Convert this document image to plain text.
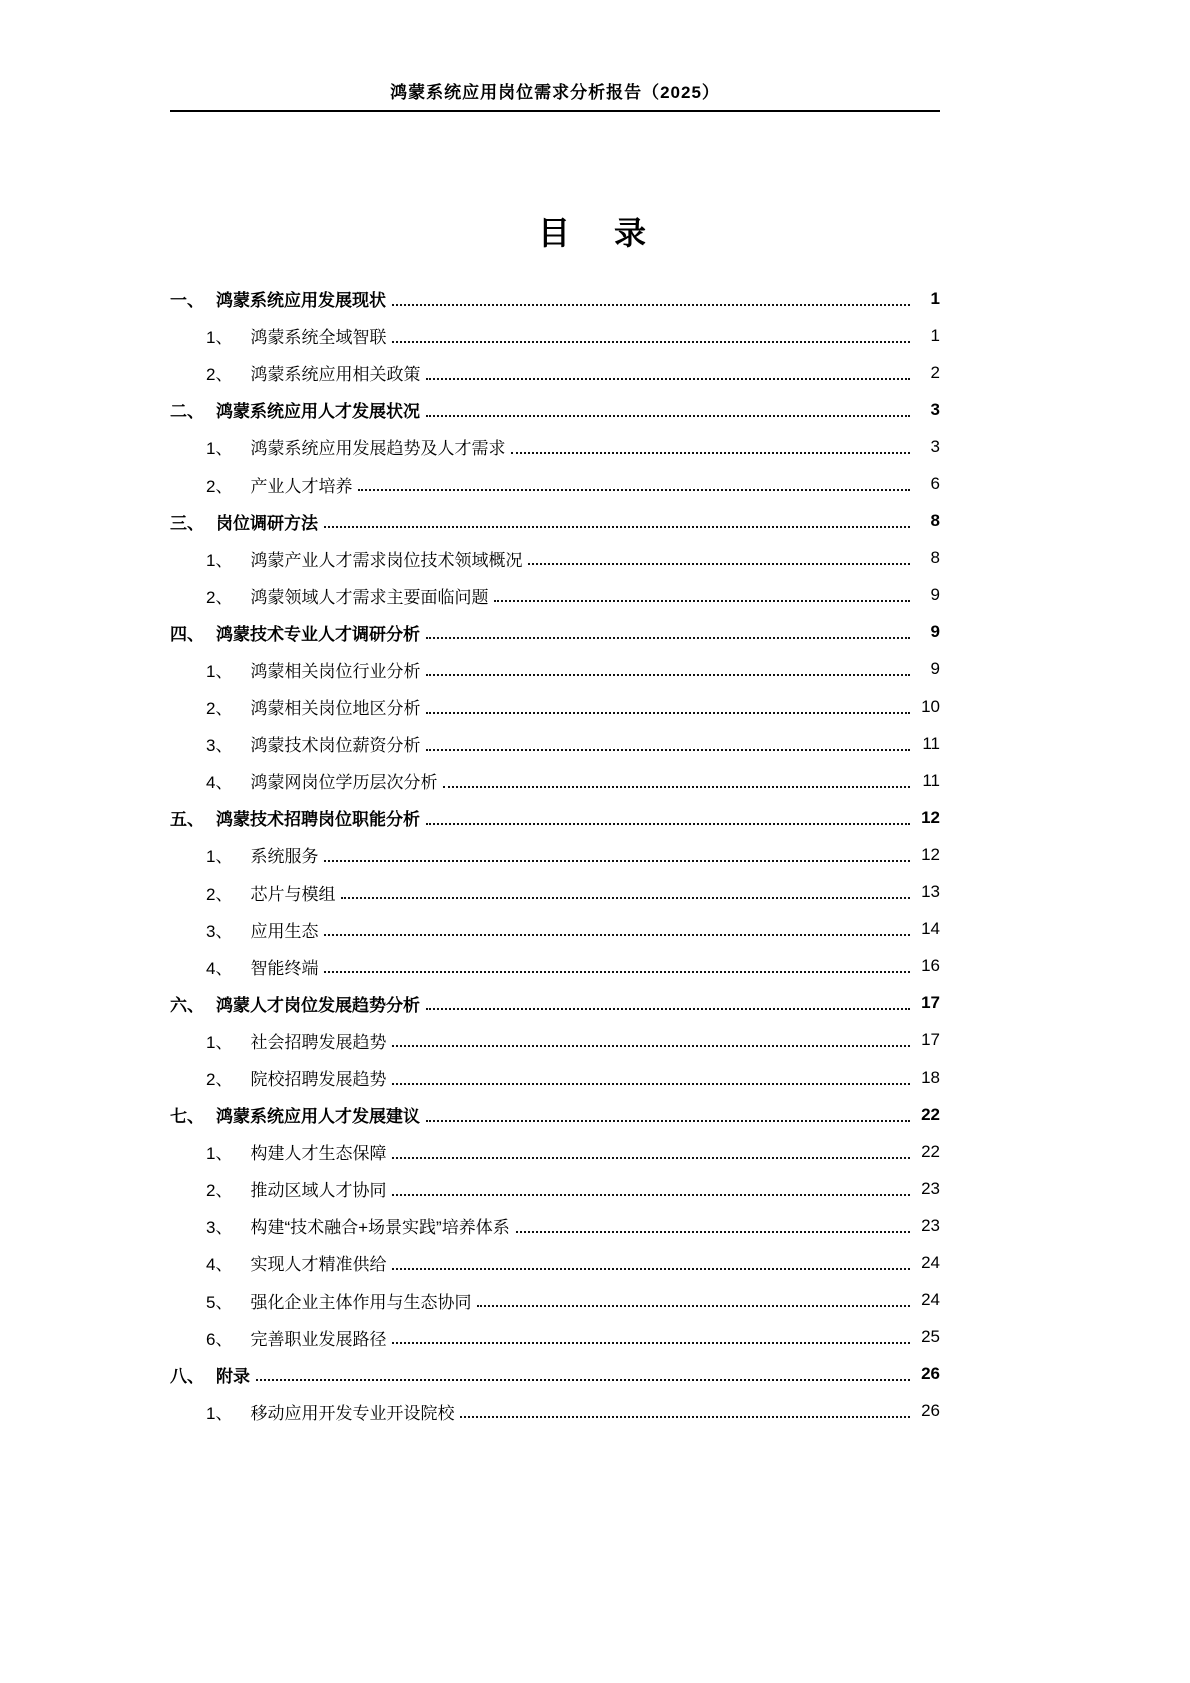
鸿蒙系统应用岗位需求分析报告（2025）
目　录
一、 鸿蒙系统应用发展现状	1
1、 鸿蒙系统全域智联	1
2、 鸿蒙系统应用相关政策	2
二、 鸿蒙系统应用人才发展状况	3
1、 鸿蒙系统应用发展趋势及人才需求	3
2、 产业人才培养	6
三、 岗位调研方法	8
1、 鸿蒙产业人才需求岗位技术领域概况	8
2、 鸿蒙领域人才需求主要面临问题	9
四、 鸿蒙技术专业人才调研分析	9
1、 鸿蒙相关岗位行业分析	9
2、 鸿蒙相关岗位地区分析	10
3、 鸿蒙技术岗位薪资分析	11
4、 鸿蒙网岗位学历层次分析	11
五、 鸿蒙技术招聘岗位职能分析	12
1、 系统服务	12
2、 芯片与模组	13
3、 应用生态	14
4、 智能终端	16
六、 鸿蒙人才岗位发展趋势分析	17
1、 社会招聘发展趋势	17
2、 院校招聘发展趋势	18
七、 鸿蒙系统应用人才发展建议	22
1、 构建人才生态保障	22
2、 推动区域人才协同	23
3、 构建“技术融合+场景实践”培养体系	23
4、 实现人才精准供给	24
5、 强化企业主体作用与生态协同	24
6、 完善职业发展路径	25
八、 附录	26
1、 移动应用开发专业开设院校	26
